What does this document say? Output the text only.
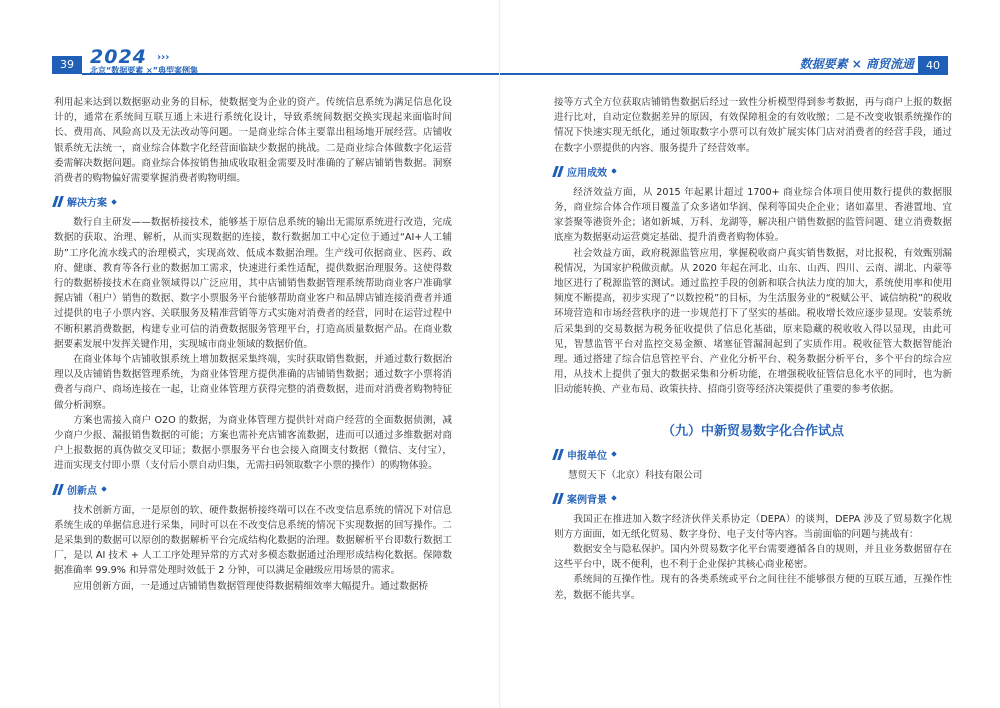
39 2024 ›››
北京“数据要素 ×”典型案例集

利用起来达到以数据驱动业务的目标，使数据变为企业的资产。传统信息系统为满足信息化设计的，通常在系统间互联互通上未进行系统化设计，导致系统间数据交换实现起来面临时间长、费用高、风险高以及无法改动等问题。一是商业综合体主要靠出租场地开展经营。店铺收银系统无法统一，商业综合体数字化经营面临缺少数据的挑战。二是商业综合体做数字化运营委需解决数据问题。商业综合体按销售抽成收取租金需要及时准确的了解店铺销售数据。洞察消费者的购物偏好需要掌握消费者购物明细。

解决方案

数行自主研发——数据桥接技术，能够基于原信息系统的输出无需原系统进行改造，完成数据的获取、治理、解析，从而实现数据的连接，数行数据加工中心定位于通过“AI+人工辅助”工序化流水线式的治理模式，实现高效、低成本数据治理。生产线可依据商业、医药、政府、健康、教育等各行业的数据加工需求，快速进行柔性适配，提供数据治理服务。这使得数行的数据桥接技术在商业领域得以广泛应用，其中店铺销售数据管理系统帮助商业客户准确掌握店铺（租户）销售的数据、数字小票服务平台能够帮助商业客户和品牌店铺连接消费者并通过提供的电子小票内容、关联服务及精准营销等方式实施对消费者的经营，同时在运营过程中不断积累消费数据，构建专业可信的消费数据服务管理平台，打造高质量数据产品。在商业数据要素发展中发挥关键作用，实现城市商业领域的数据价值。

在商业体每个店铺收银系统上增加数据采集终端，实时获取销售数据，并通过数行数据治理以及店铺销售数据管理系统，为商业体管理方提供准确的店铺销售数据；通过数字小票将消费者与商户、商场连接在一起，让商业体管理方获得完整的消费数据，进而对消费者购物特征做分析洞察。

方案也需接入商户 O2O 的数据，为商业体管理方提供针对商户经营的全面数据侦测，减少商户少报、漏报销售数据的可能；方案也需补充店铺客流数据，进而可以通过多维数据对商户上报数据的真伪做交叉印证；数据小票服务平台也会接入商圈支付数据（微信、支付宝），进而实现支付即小票（支付后小票自动归集，无需扫码领取数字小票的操作）的购物体验。

创新点

技术创新方面，一是原创的软、硬件数据桥接终端可以在不改变信息系统的情况下对信息系统生成的单据信息进行采集，同时可以在不改变信息系统的情况下实现数据的回写操作。二是采集到的数据可以原创的数据解析平台完成结构化数据的治理。数据解析平台即数行数据工厂，是以 AI 技术 + 人工工序处理异常的方式对多模态数据通过治理形成结构化数据。保障数据准确率 99.9% 和异常处理时效低于 2 分钟，可以满足金融级应用场景的需求。

应用创新方面，一是通过店铺销售数据管理使得数据精细效率大幅提升。通过数据桥

数据要素 × 商贸流通	40

接等方式全方位获取店铺销售数据后经过一致性分析模型得到参考数据，再与商户上报的数据进行比对，自动定位数据差异的原因，有效保障租金的有效收缴；二是不改变收银系统操作的情况下快速实现无纸化，通过领取数字小票可以有效扩展实体门店对消费者的经营手段，通过在数字小票提供的内容、服务提升了经营效率。

应用成效

经济效益方面，从 2015 年起累计超过 1700+ 商业综合体项目使用数行提供的数据服务，商业综合体合作项目覆盖了众多诸如华润、保利等国央企企业；诸如嘉里、香港置地、宜家荟聚等港资外企；诸如新城、万科、龙湖等，解决租户销售数据的监管问题、建立消费数据底座为数据驱动运营奠定基础、提升消费者购物体验。

社会效益方面，政府税源监管应用，掌握税收商户真实销售数据，对比报税，有效甄别漏税情况，为国家护税做贡献。从 2020 年起在河北、山东、山西、四川、云南、湖北、内蒙等地区进行了税源监管的测试。通过监控手段的创新和联合执法力度的加大，系统使用率和使用频度不断提高，初步实现了“以数控税”的目标，为生活服务业的“税赋公平、诚信纳税”的税收环境营造和市场经营秩序的进一步规范打下了坚实的基础。税收增长效应逐步显现。安装系统后采集到的交易数据为税务征收提供了信息化基础，原来隐藏的税收收入得以显现，由此可见，智慧监管平台对监控交易金额、堵塞征管漏洞起到了实质作用。税收征管大数据智能治理。通过搭建了综合信息管控平台、产业化分析平台、税务数据分析平台，多个平台的综合应用，从技术上提供了强大的数据采集和分析功能，在增强税收征管信息化水平的同时，也为新旧动能转换、产业布局、政策扶持、招商引资等经济决策提供了重要的参考依据。

（九）中新贸易数字化合作试点
申报单位
慧贸天下（北京）科技有限公司
案例背景

我国正在推进加入数字经济伙伴关系协定（DEPA）的谈判，DEPA 涉及了贸易数字化规则方方面面，如无纸化贸易、数字身份、电子支付等内容。当前面临的问题与挑战有：

数据安全与隐私保护。国内外贸易数字化平台需要遵循各自的规则，并且业务数据留存在这些平台中，既不便利，也不利于企业保护其核心商业秘密。

系统间的互操作性。现有的各类系统或平台之间往往不能够很方便的互联互通，互操作性差，数据不能共享。
